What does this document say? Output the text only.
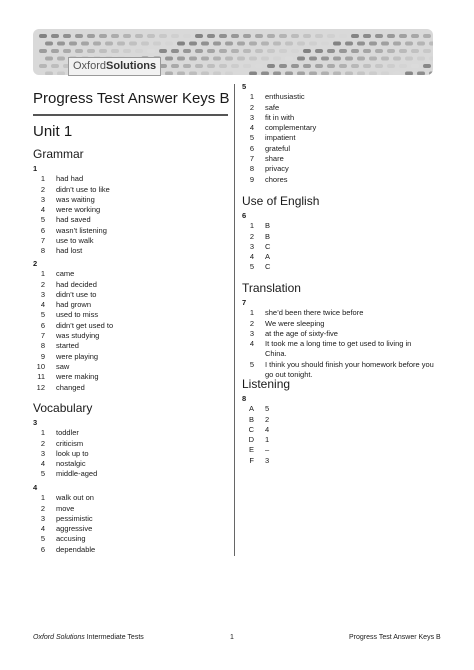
OxfordSolutions
Progress Test Answer Keys B
Unit 1
Grammar
1
1 had had
2 didn’t use to like
3 was waiting
4 were working
5 had saved
6 wasn’t listening
7 use to walk
8 had lost
2
1 came
2 had decided
3 didn’t use to
4 had grown
5 used to miss
6 didn’t get used to
7 was studying
8 started
9 were playing
10 saw
11 were making
12 changed
Vocabulary
3
1 toddler
2 criticism
3 look up to
4 nostalgic
5 middle-aged
4
1 walk out on
2 move
3 pessimistic
4 aggressive
5 accusing
6 dependable
5
1 enthusiastic
2 safe
3 fit in with
4 complementary
5 impatient
6 grateful
7 share
8 privacy
9 chores
Use of English
6
1 B
2 B
3 C
4 A
5 C
Translation
7
1 she’d been there twice before
2 We were sleeping
3 at the age of sixty-five
4 It took me a long time to get used to living in China.
5 I think you should finish your homework before you go out tonight.
Listening
8
A 5
B 2
C 4
D 1
E –
F 3
Oxford Solutions Intermediate Tests	1	Progress Test Answer Keys B
